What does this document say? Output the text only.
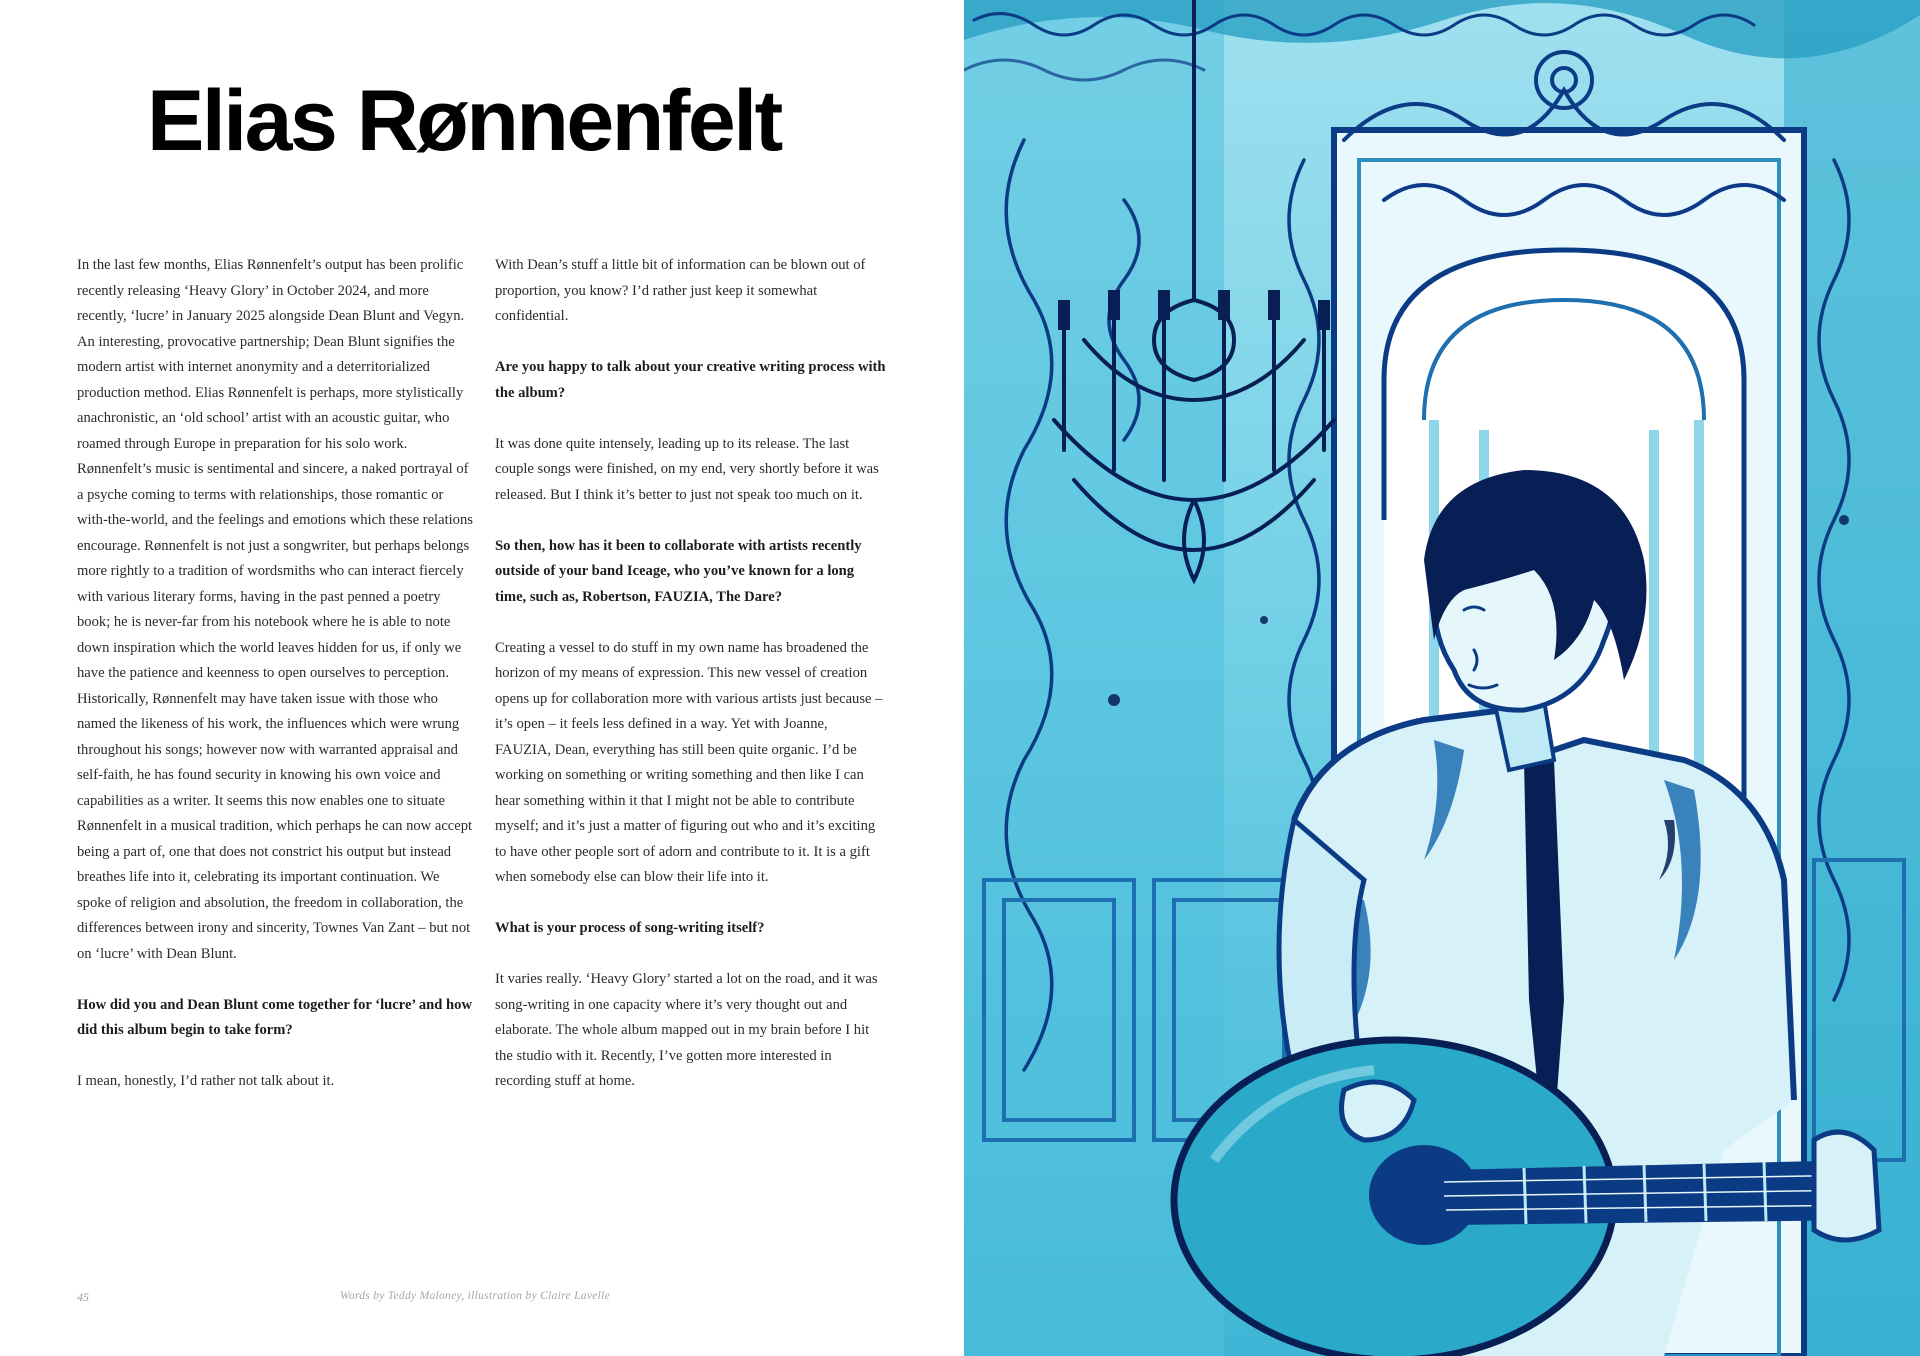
Elias Rønnenfelt

In the last few months, Elias Rønnenfelt’s output has been prolific recently releasing ‘Heavy Glory’ in October 2024, and more recently, ‘lucre’ in January 2025 alongside Dean Blunt and Vegyn. An interesting, provocative partnership; Dean Blunt signifies the modern artist with internet anonymity and a deterritorialized production method. Elias Rønnenfelt is perhaps, more stylistically anachronistic, an ‘old school’ artist with an acoustic guitar, who roamed through Europe in preparation for his solo work. Rønnenfelt’s music is sentimental and sincere, a naked portrayal of a psyche coming to terms with relationships, those romantic or with-the-world, and the feelings and emotions which these relations encourage. Rønnenfelt is not just a songwriter, but perhaps belongs more rightly to a tradition of wordsmiths who can interact fiercely with various literary forms, having in the past penned a poetry book; he is never-far from his notebook where he is able to note down inspiration which the world leaves hidden for us, if only we have the patience and keenness to open ourselves to perception. Historically, Rønnenfelt may have taken issue with those who named the likeness of his work, the influences which were wrung throughout his songs; however now with warranted appraisal and self-faith, he has found security in knowing his own voice and capabilities as a writer. It seems this now enables one to situate Rønnenfelt in a musical tradition, which perhaps he can now accept being a part of, one that does not constrict his output but instead breathes life into it, celebrating its important continuation. We spoke of religion and absolution, the freedom in collaboration, the differences between irony and sincerity, Townes Van Zant – but not on ‘lucre’ with Dean Blunt.

How did you and Dean Blunt come together for ‘lucre’ and how did this album begin to take form?

I mean, honestly, I’d rather not talk about it.

With Dean’s stuff a little bit of information can be blown out of proportion, you know? I’d rather just keep it somewhat confidential.

Are you happy to talk about your creative writing process with the album?

It was done quite intensely, leading up to its release. The last couple songs were finished, on my end, very shortly before it was released. But I think it’s better to just not speak too much on it.

So then, how has it been to collaborate with artists recently outside of your band Iceage, who you’ve known for a long time, such as, Robertson, FAUZIA, The Dare?

Creating a vessel to do stuff in my own name has broadened the horizon of my means of expression. This new vessel of creation opens up for collaboration more with various artists just because – it’s open – it feels less defined in a way. Yet with Joanne, FAUZIA, Dean, everything has still been quite organic. I’d be working on something or writing something and then like I can hear something within it that I might not be able to contribute myself; and it’s just a matter of figuring out who and it’s exciting to have other people sort of adorn and contribute to it. It is a gift when somebody else can blow their life into it.

What is your process of song-writing itself?

It varies really. ‘Heavy Glory’ started a lot on the road, and it was song-writing in one capacity where it’s very thought out and elaborate. The whole album mapped out in my brain before I hit the studio with it. Recently, I’ve gotten more interested in recording stuff at home.

45	Words by Teddy Maloney, illustration by Claire Lavelle
